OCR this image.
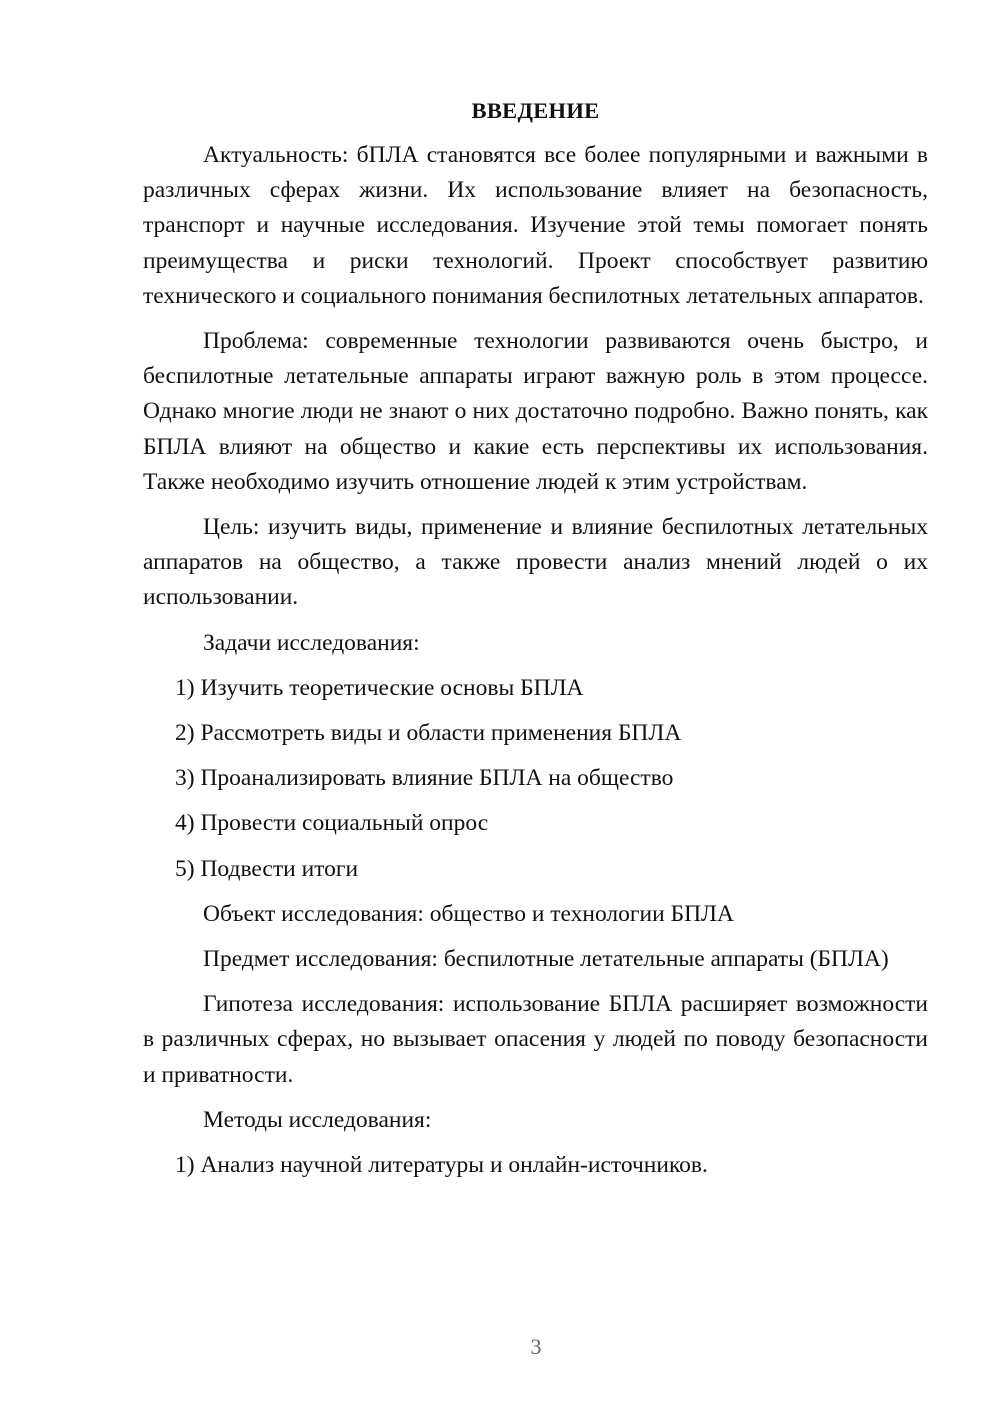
ВВЕДЕНИЕ

Актуальность: бПЛА становятся все более популярными и важными в различных сферах жизни. Их использование влияет на безопасность, транспорт и научные исследования. Изучение этой темы помогает понять преимущества и риски технологий. Проект способствует развитию технического и социального понимания беспилотных летательных аппаратов.

Проблема: современные технологии развиваются очень быстро, и беспилотные летательные аппараты играют важную роль в этом процессе. Однако многие люди не знают о них достаточно подробно. Важно понять, как БПЛА влияют на общество и какие есть перспективы их использования. Также необходимо изучить отношение людей к этим устройствам.

Цель: изучить виды, применение и влияние беспилотных летательных аппаратов на общество, а также провести анализ мнений людей о их использовании.

Задачи исследования:

1) Изучить теоретические основы БПЛА
2) Рассмотреть виды и области применения БПЛА
3) Проанализировать влияние БПЛА на общество
4) Провести социальный опрос
5) Подвести итоги

Объект исследования: общество и технологии БПЛА

Предмет исследования: беспилотные летательные аппараты (БПЛА)

Гипотеза исследования: использование БПЛА расширяет возможности в различных сферах, но вызывает опасения у людей по поводу безопасности и приватности.

Методы исследования:

1) Анализ научной литературы и онлайн-источников.
3
